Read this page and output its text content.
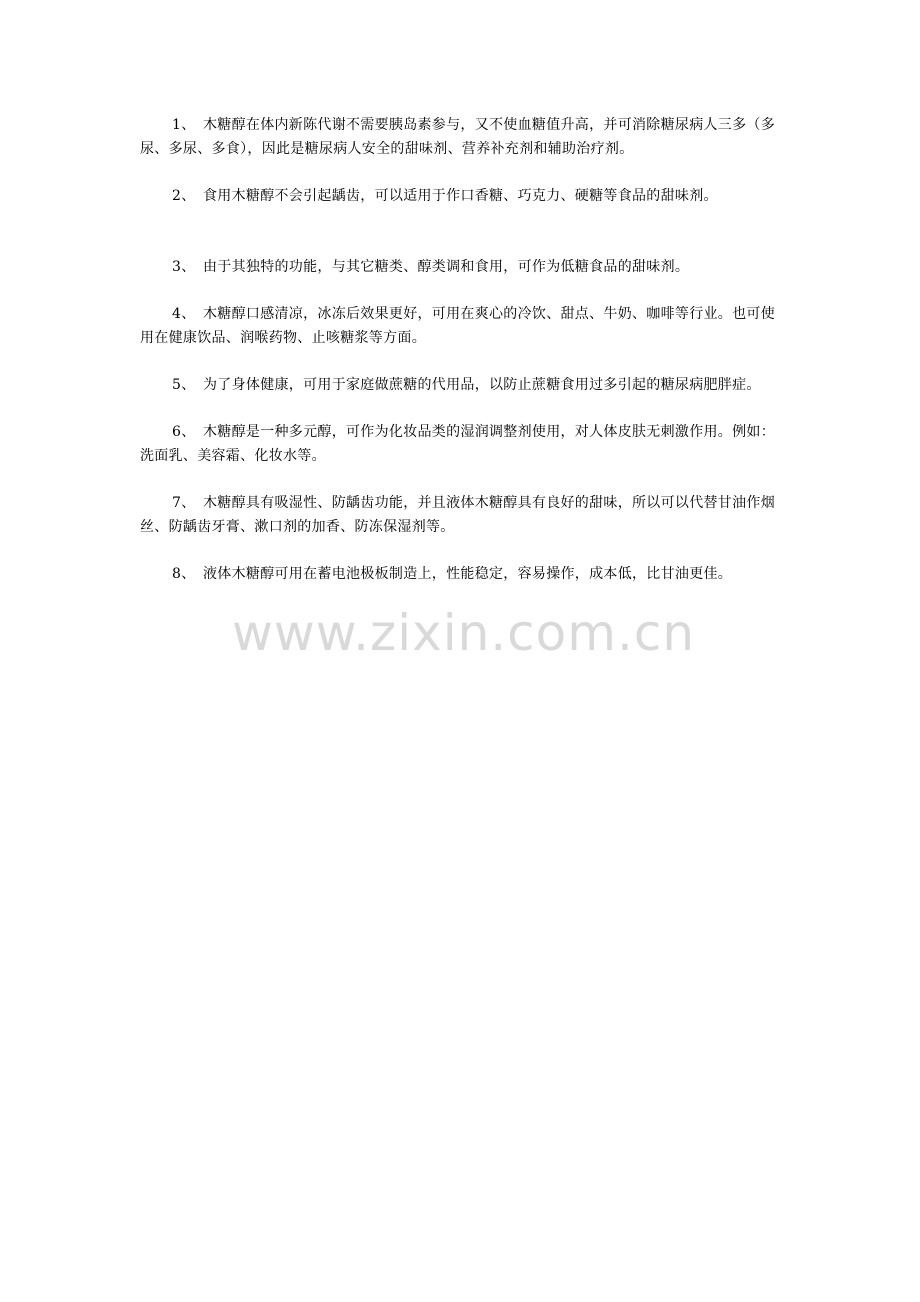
1、 木糖醇在体内新陈代谢不需要胰岛素参与，又不使血糖值升高，并可消除糖尿病人三多（多尿、多尿、多食），因此是糖尿病人安全的甜味剂、营养补充剂和辅助治疗剂。

2、 食用木糖醇不会引起龋齿，可以适用于作口香糖、巧克力、硬糖等食品的甜味剂。

3、 由于其独特的功能，与其它糖类、醇类调和食用，可作为低糖食品的甜味剂。

4、 木糖醇口感清凉，冰冻后效果更好，可用在爽心的冷饮、甜点、牛奶、咖啡等行业。也可使用在健康饮品、润喉药物、止咳糖浆等方面。

5、 为了身体健康，可用于家庭做蔗糖的代用品，以防止蔗糖食用过多引起的糖尿病肥胖症。

6、 木糖醇是一种多元醇，可作为化妆品类的湿润调整剂使用，对人体皮肤无刺激作用。例如：洗面乳、美容霜、化妆水等。

7、 木糖醇具有吸湿性、防龋齿功能，并且液体木糖醇具有良好的甜味，所以可以代替甘油作烟丝、防龋齿牙膏、漱口剂的加香、防冻保湿剂等。

8、 液体木糖醇可用在蓄电池极板制造上，性能稳定，容易操作，成本低，比甘油更佳。

www.zixin.com.cn
